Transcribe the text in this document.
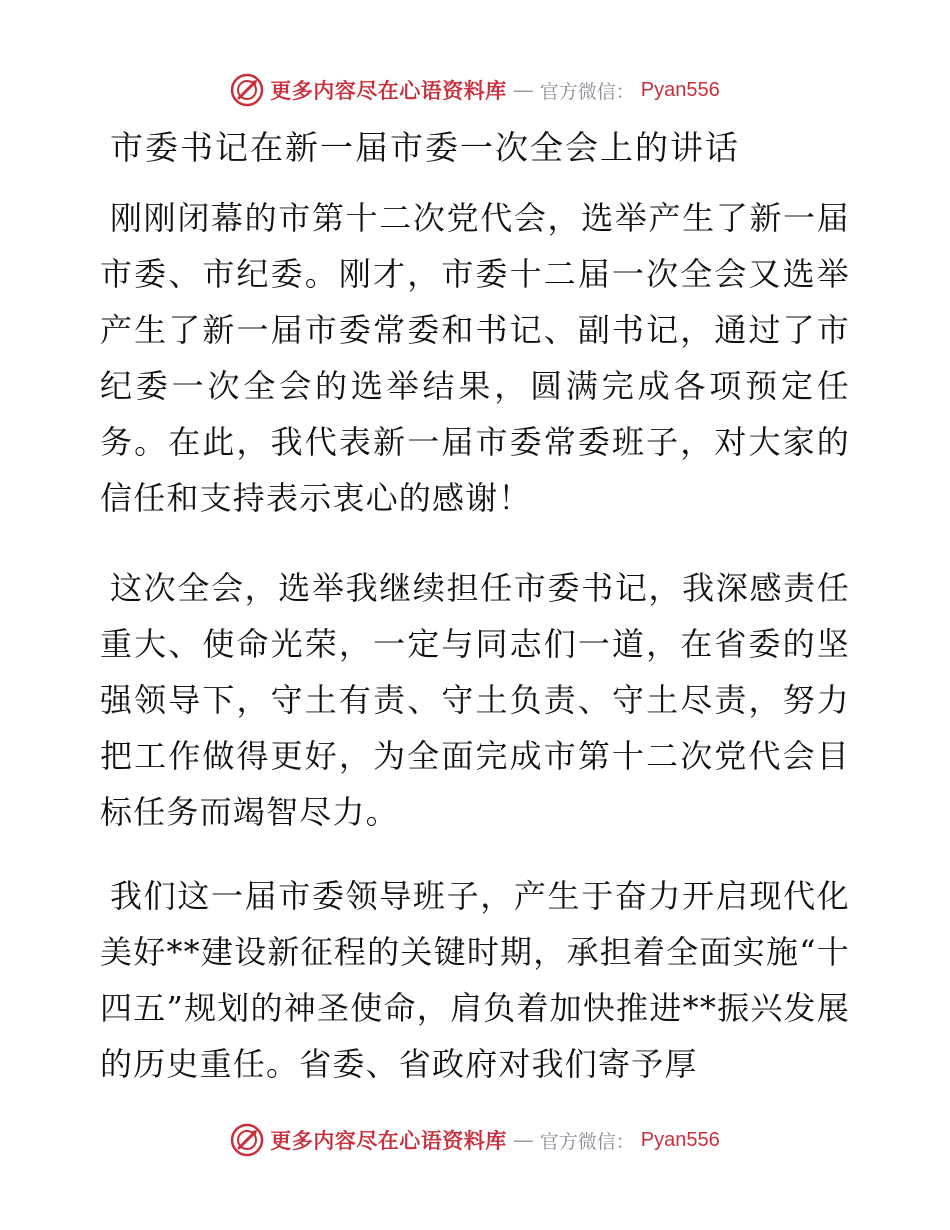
更多内容尽在心语资料库 — 官方微信： Pyan556
市委书记在新一届市委一次全会上的讲话

刚刚闭幕的市第十二次党代会，选举产生了新一届市委、市纪委。刚才，市委十二届一次全会又选举产生了新一届市委常委和书记、副书记，通过了市纪委一次全会的选举结果，圆满完成各项预定任务。在此，我代表新一届市委常委班子，对大家的信任和支持表示衷心的感谢！

这次全会，选举我继续担任市委书记，我深感责任重大、使命光荣，一定与同志们一道，在省委的坚强领导下，守土有责、守土负责、守土尽责，努力把工作做得更好，为全面完成市第十二次党代会目标任务而竭智尽力。

我们这一届市委领导班子，产生于奋力开启现代化美好**建设新征程的关键时期，承担着全面实施“十四五”规划的神圣使命，肩负着加快推进**振兴发展的历史重任。省委、省政府对我们寄予厚

更多内容尽在心语资料库 — 官方微信： Pyan556
